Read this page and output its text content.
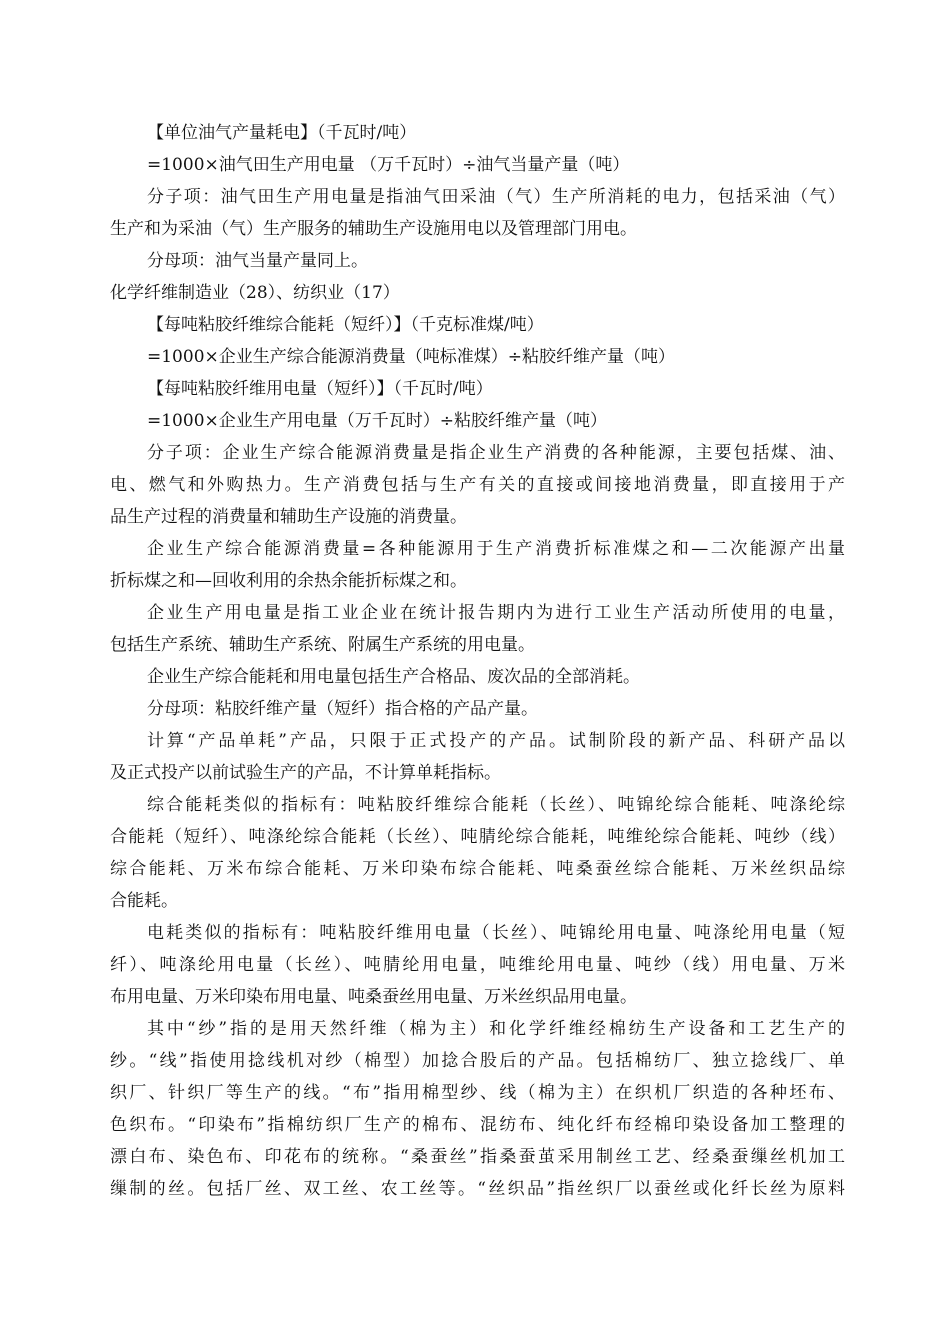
【单位油气产量耗电】（千瓦时/吨）
=1000×油气田生产用电量 （万千瓦时）÷油气当量产量（吨）
分子项：油气田生产用电量是指油气田采油（气）生产所消耗的电力，包括采油（气）
生产和为采油（气）生产服务的辅助生产设施用电以及管理部门用电。
分母项：油气当量产量同上。
化学纤维制造业（28）、纺织业（17）
【每吨粘胶纤维综合能耗（短纤）】（千克标准煤/吨）
=1000×企业生产综合能源消费量（吨标准煤）÷粘胶纤维产量（吨）
【每吨粘胶纤维用电量（短纤）】（千瓦时/吨）
=1000×企业生产用电量（万千瓦时）÷粘胶纤维产量（吨）
分子项：企业生产综合能源消费量是指企业生产消费的各种能源，主要包括煤、油、
电、燃气和外购热力。生产消费包括与生产有关的直接或间接地消费量，即直接用于产
品生产过程的消费量和辅助生产设施的消费量。
企业生产综合能源消费量=各种能源用于生产消费折标准煤之和—二次能源产出量
折标煤之和—回收利用的余热余能折标煤之和。
企业生产用电量是指工业企业在统计报告期内为进行工业生产活动所使用的电量，
包括生产系统、辅助生产系统、附属生产系统的用电量。
企业生产综合能耗和用电量包括生产合格品、废次品的全部消耗。
分母项：粘胶纤维产量（短纤）指合格的产品产量。
计算“产品单耗”产品，只限于正式投产的产品。试制阶段的新产品、科研产品以
及正式投产以前试验生产的产品，不计算单耗指标。
综合能耗类似的指标有：吨粘胶纤维综合能耗（长丝）、吨锦纶综合能耗、吨涤纶综
合能耗（短纤）、吨涤纶综合能耗（长丝）、吨腈纶综合能耗，吨维纶综合能耗、吨纱（线）
综合能耗、万米布综合能耗、万米印染布综合能耗、吨桑蚕丝综合能耗、万米丝织品综
合能耗。
电耗类似的指标有：吨粘胶纤维用电量（长丝）、吨锦纶用电量、吨涤纶用电量（短
纤）、吨涤纶用电量（长丝）、吨腈纶用电量，吨维纶用电量、吨纱（线）用电量、万米
布用电量、万米印染布用电量、吨桑蚕丝用电量、万米丝织品用电量。
其中“纱”指的是用天然纤维（棉为主）和化学纤维经棉纺生产设备和工艺生产的
纱。“线”指使用捻线机对纱（棉型）加捻合股后的产品。包括棉纺厂、独立捻线厂、单
织厂、针织厂等生产的线。“布”指用棉型纱、线（棉为主）在织机厂织造的各种坯布、
色织布。“印染布”指棉纺织厂生产的棉布、混纺布、纯化纤布经棉印染设备加工整理的
漂白布、染色布、印花布的统称。“桑蚕丝”指桑蚕茧采用制丝工艺、经桑蚕缫丝机加工
缫制的丝。包括厂丝、双工丝、农工丝等。“丝织品”指丝织厂以蚕丝或化纤长丝为原料
